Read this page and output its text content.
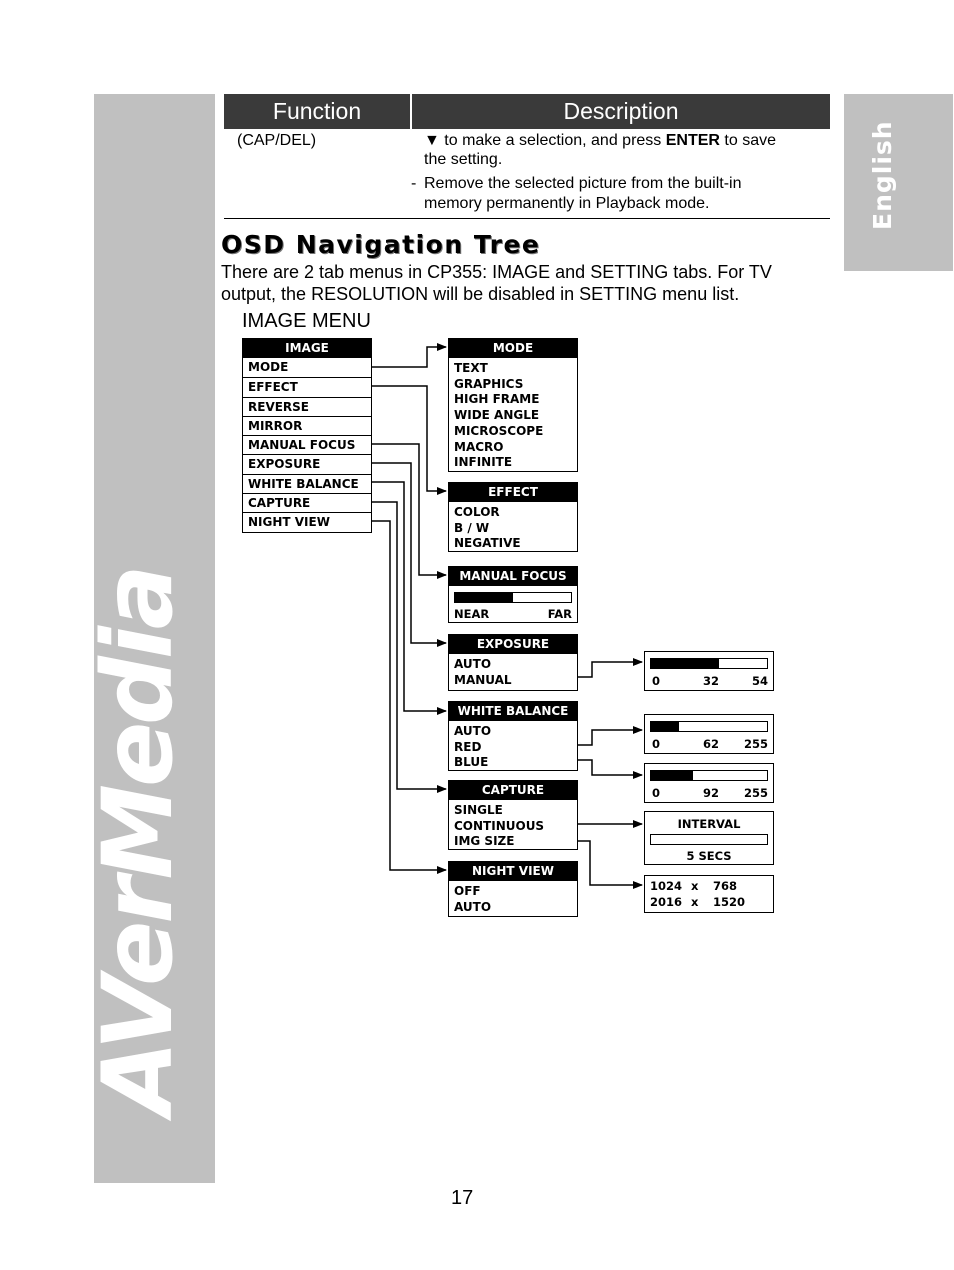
AVerMedia
English
Function	Description
(CAP/DEL)	▼ to make a selection, and press ENTER to save
the setting.
- Remove the selected picture from the built-in
memory permanently in Playback mode.
OSD Navigation Tree
There are 2 tab menus in CP355: IMAGE and SETTING tabs. For TV output, the RESOLUTION will be disabled in SETTING menu list.
IMAGE MENU
IMAGE
MODE
EFFECT
REVERSE
MIRROR
MANUAL FOCUS
EXPOSURE
WHITE BALANCE
CAPTURE
NIGHT VIEW
MODE
TEXT
GRAPHICS
HIGH FRAME
WIDE ANGLE
MICROSCOPE
MACRO
INFINITE
EFFECT
COLOR
B / W
NEGATIVE
MANUAL FOCUS
NEAR	FAR
EXPOSURE
AUTO
MANUAL	0	32	54
WHITE BALANCE
AUTO
RED
BLUE
0	62 255
0	92 255
CAPTURE
SINGLE
CONTINUOUS
IMG SIZE
INTERVAL
5 SECS
1024 x 768
2016 x 1520
NIGHT VIEW
OFF
AUTO
17
